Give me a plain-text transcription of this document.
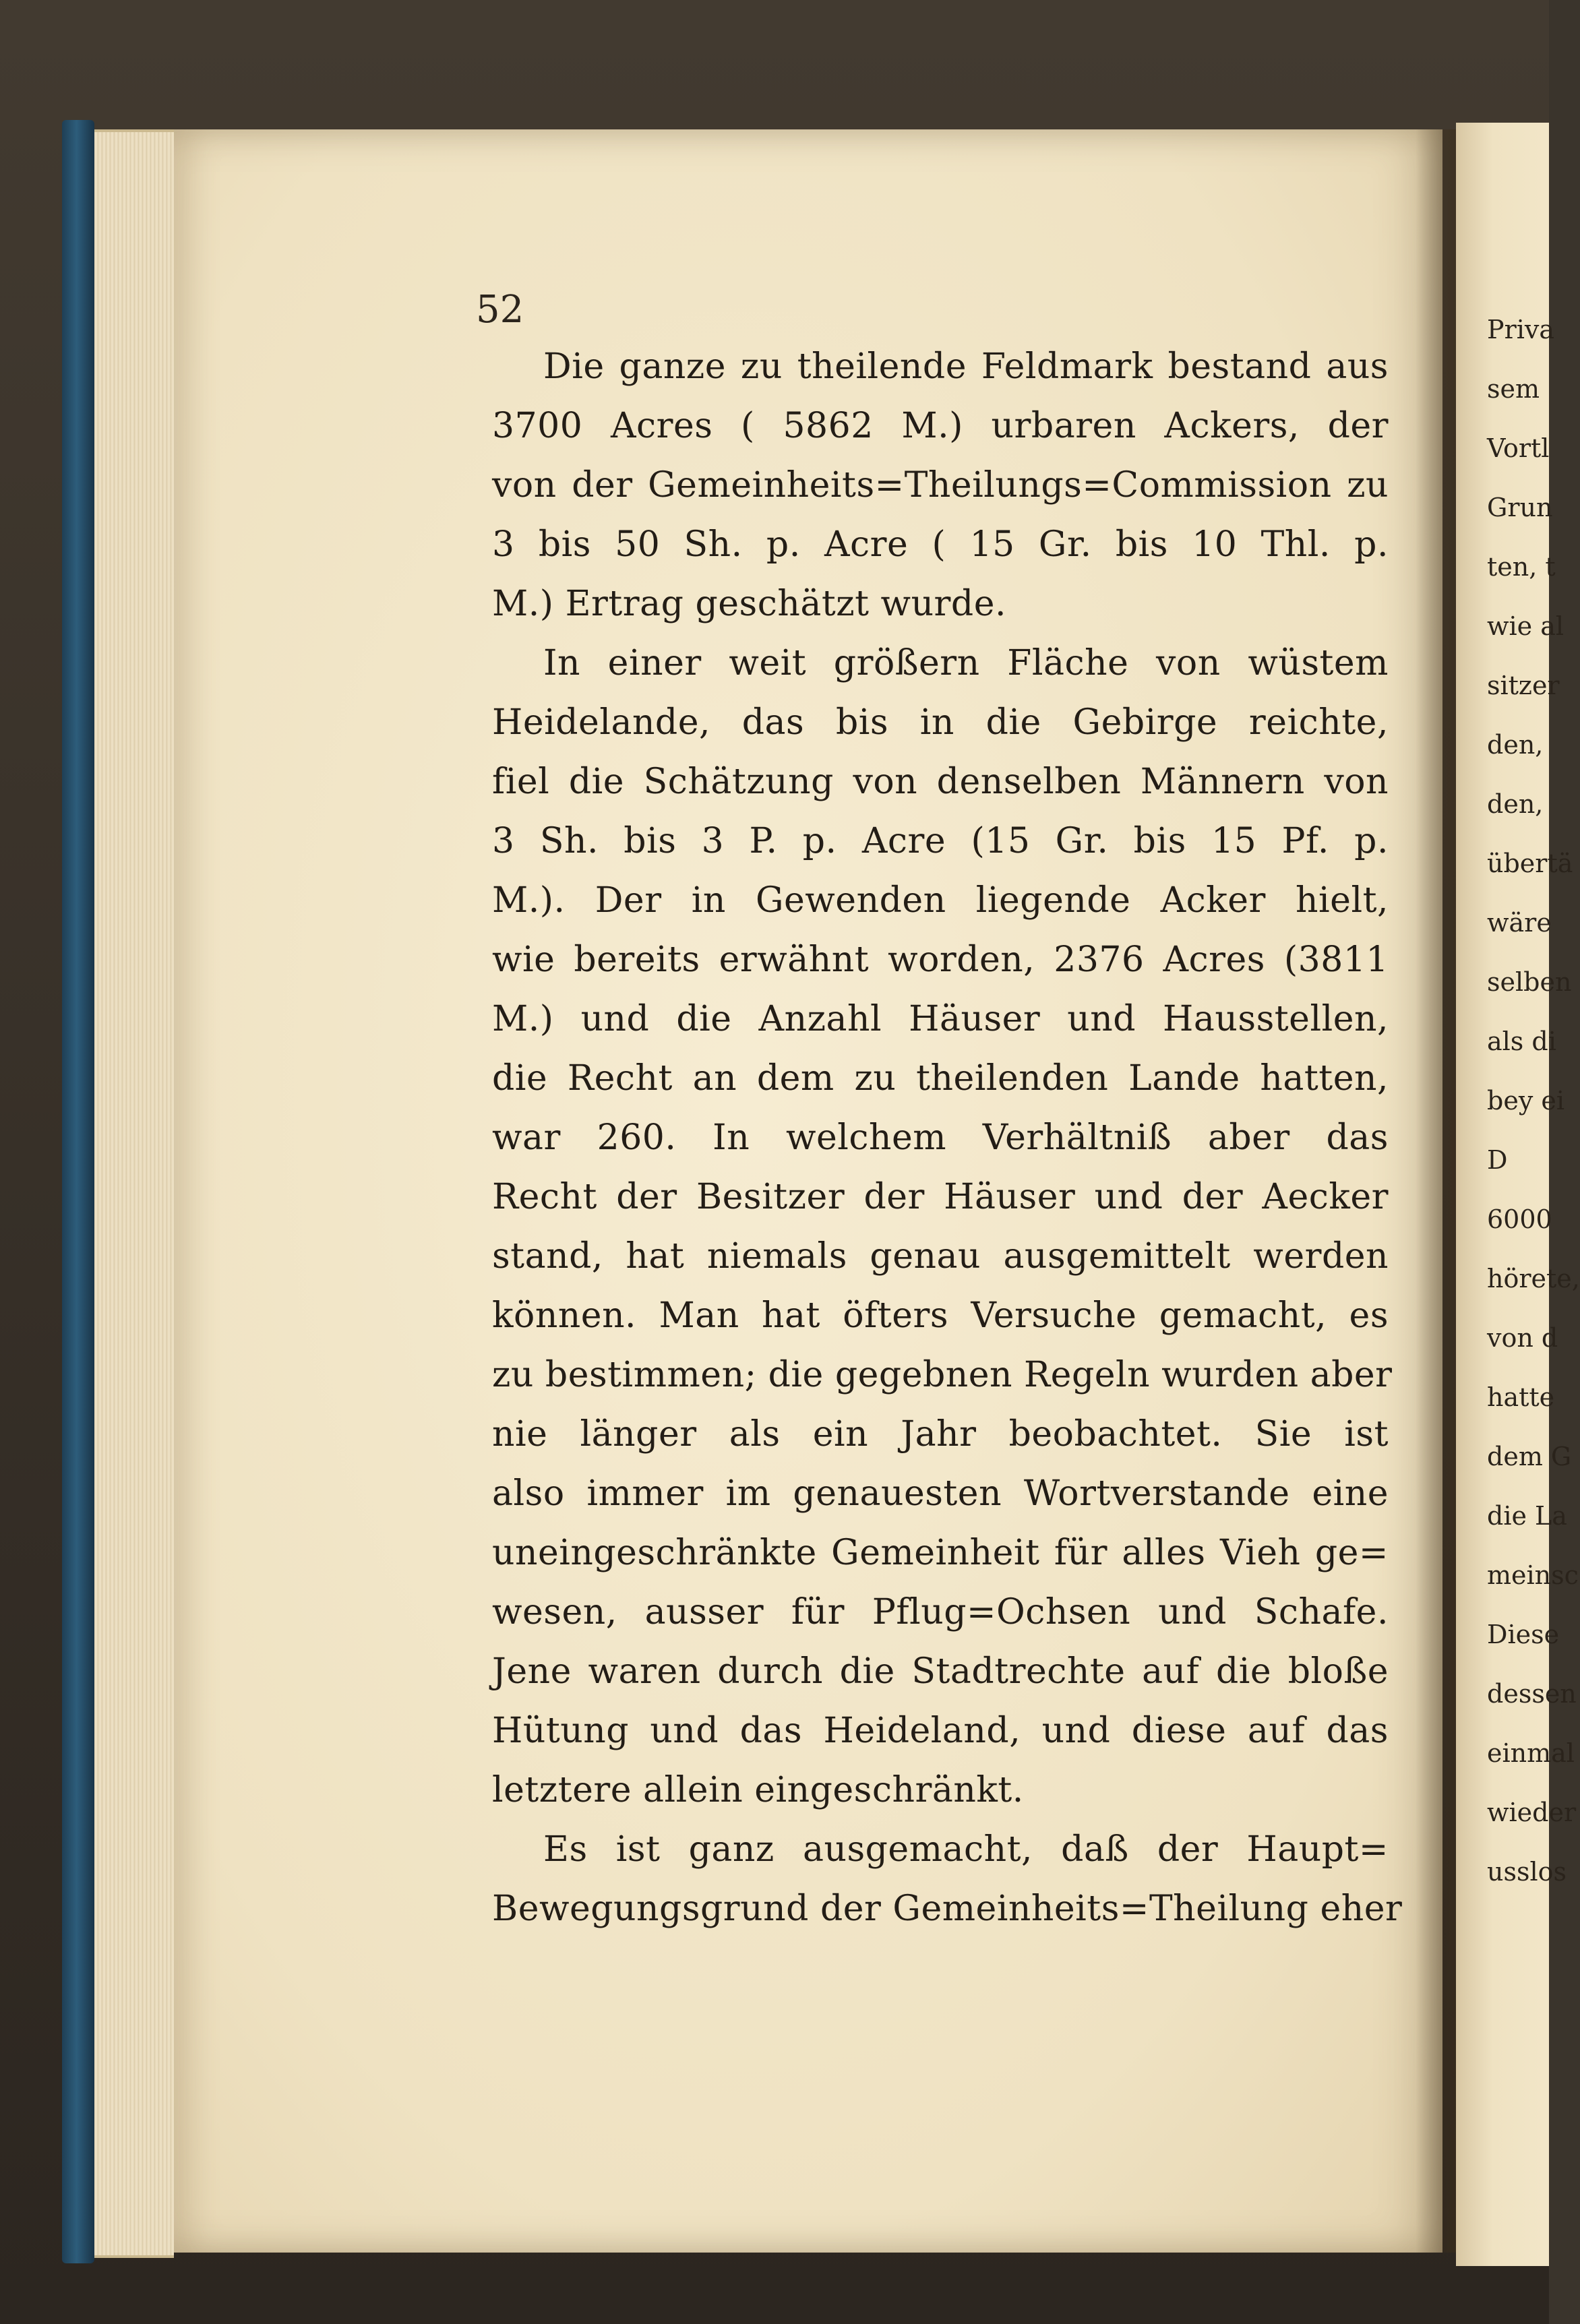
52
Die ganze zu theilende Feldmark bestand aus
3700 Acres ( 5862 M.) urbaren Ackers, der
von der Gemeinheits=Theilungs=Commission zu
3 bis 50 Sh. p. Acre ( 15 Gr. bis 10 Thl. p.
M.) Ertrag geschätzt wurde.
In einer weit größern Fläche von wüstem
Heidelande, das bis in die Gebirge reichte,
fiel die Schätzung von denselben Männern von
3 Sh. bis 3 P. p. Acre (15 Gr. bis 15 Pf. p.
M.). Der in Gewenden liegende Acker hielt,
wie bereits erwähnt worden, 2376 Acres (3811
M.) und die Anzahl Häuser und Hausstellen,
die Recht an dem zu theilenden Lande hatten,
war 260. In welchem Verhältniß aber das
Recht der Besitzer der Häuser und der Aecker
stand, hat niemals genau ausgemittelt werden
können. Man hat öfters Versuche gemacht, es
zu bestimmen; die gegebnen Regeln wurden aber
nie länger als ein Jahr beobachtet. Sie ist
also immer im genauesten Wortverstande eine
uneingeschränkte Gemeinheit für alles Vieh ge=
wesen, ausser für Pflug=Ochsen und Schafe.
Jene waren durch die Stadtrechte auf die bloße
Hütung und das Heideland, und diese auf das
letztere allein eingeschränkt.
Es ist ganz ausgemacht, daß der Haupt=
Bewegungsgrund der Gemeinheits=Theilung eher
Priva
sem
Vortl
Grun
ten, t
wie al
sitzer
den,
den,
übertä
wäre
selben
als di
bey ei
D
6000
hörete,
von d
hatte
dem G
die La
meinsc
Diese
dessen
einmal
wieder
usslos
